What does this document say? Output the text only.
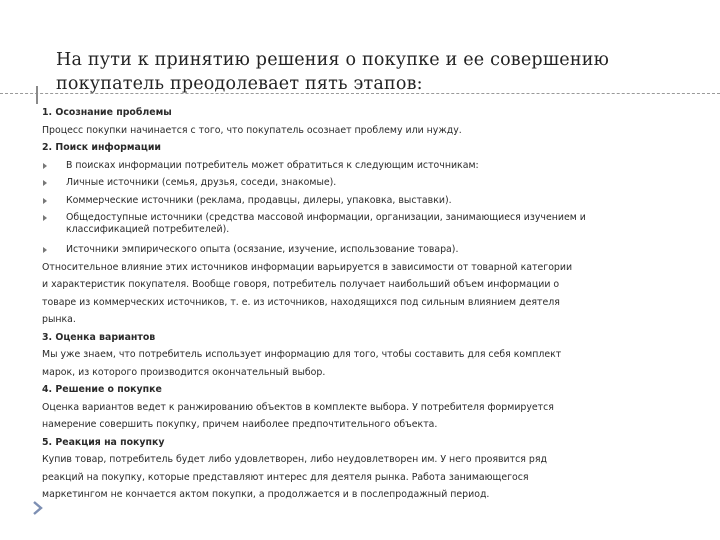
На пути к принятию решения о покупке и ее совершению
покупатель преодолевает пять этапов:
1. Осознание проблемы
Процесс покупки начинается с того, что покупатель осознает проблему или нужду.
2. Поиск информации
В поисках информации потребитель может обратиться к следующим источникам:
Личные источники (семья, друзья, соседи, знакомые).
Коммерческие источники (реклама, продавцы, дилеры, упаковка, выставки).
Общедоступные источники (средства массовой информации, организации, занимающиеся изучением и классификацией потребителей).
Источники эмпирического опыта (осязание, изучение, использование товара).
Относительное влияние этих источников информации варьируется в зависимости от товарной категории
и характеристик покупателя. Вообще говоря, потребитель получает наибольший объем информации о
товаре из коммерческих источников, т. е. из источников, находящихся под сильным влиянием деятеля
рынка.
3. Оценка вариантов
Мы уже знаем, что потребитель использует информацию для того, чтобы составить для себя комплект
марок, из которого производится окончательный выбор.
4. Решение о покупке
Оценка вариантов ведет к ранжированию объектов в комплекте выбора. У потребителя формируется
намерение совершить покупку, причем наиболее предпочтительного объекта.
5. Реакция на покупку
Купив товар, потребитель будет либо удовлетворен, либо неудовлетворен им. У него проявится ряд
реакций на покупку, которые представляют интерес для деятеля рынка. Работа занимающегося
маркетингом не кончается актом покупки, а продолжается и в послепродажный период.
